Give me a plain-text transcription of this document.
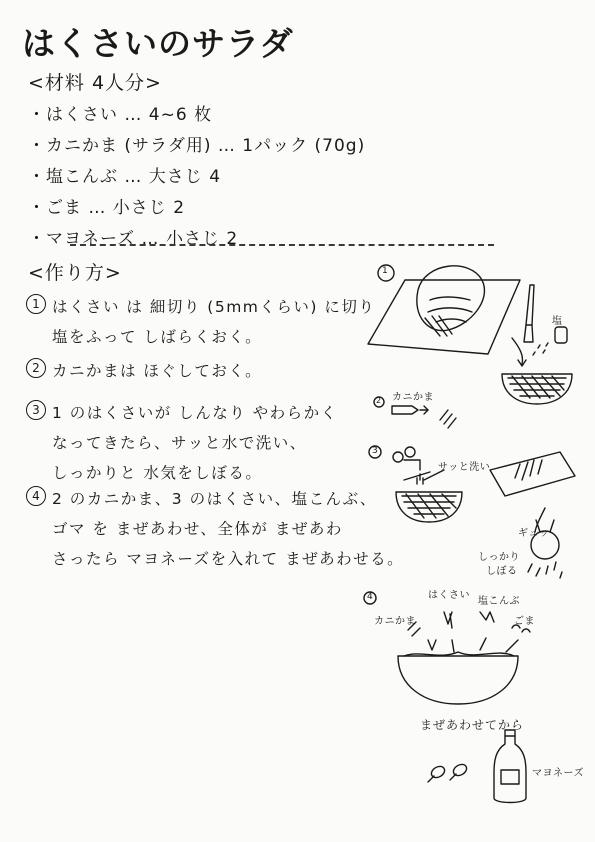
はくさいのサラダ
<材料 4人分>
・はくさい … 4~6 枚
・カニかま (サラダ用) … 1パック (70g)
・塩こんぶ … 大さじ 4
・ごま … 小さじ 2
・マヨネーズ … 小さじ 2
<作り方>
1 はくさい は 細切り (5mmくらい) に切り
塩をふって しばらくおく。
2 カニかまは ほぐしておく。
3 1 のはくさいが しんなり やわらかく
なってきたら、サッと水で洗い、
しっかりと 水気をしぼる。
4 2 のカニかま、3 のはくさい、塩こんぶ、
ゴマ を まぜあわせ、全体が まぜあわ
さったら マヨネーズを入れて まぜあわせる。
1
塩
2 カニかま
3
サッと洗い
ギュッ
しっかり
しぼる
4
カニかま
はくさい
塩こんぶ
ごま
まぜあわせてから
マヨネーズ
